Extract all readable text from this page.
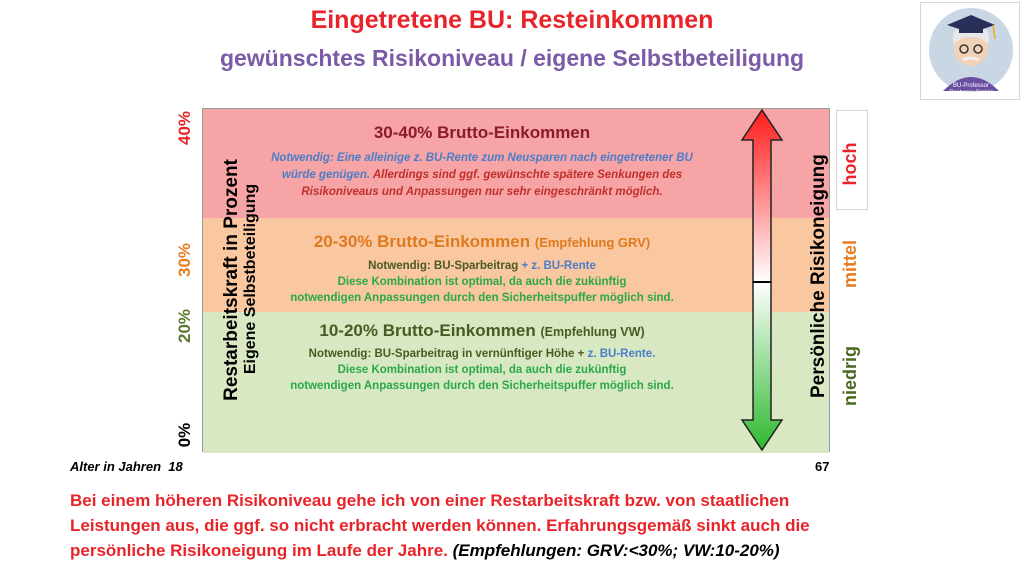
Eingetretene BU: Resteinkommen
gewünschtes Risikoniveau / eigene Selbstbeteiligung
BU-Professor
Pochorer GmbH
40%
30%
20%
0%
Restarbeitskraft in Prozent Eigene Selbstbeteiligung	Persönliche Risikoneigung hoch
mittel
niedrig
30-40% Brutto-Einkommen
Notwendig: Eine alleinige z. BU-Rente zum Neusparen nach eingetretener BU
würde genügen. Allerdings sind ggf. gewünschte spätere Senkungen des
Risikoniveaus und Anpassungen nur sehr eingeschränkt möglich.
20-30% Brutto-Einkommen (Empfehlung GRV)
Notwendig: BU-Sparbeitrag + z. BU-Rente
Diese Kombination ist optimal, da auch die zukünftig
notwendigen Anpassungen durch den Sicherheitspuffer möglich sind.
10-20% Brutto-Einkommen (Empfehlung VW)
Notwendig: BU-Sparbeitrag in vernünftiger Höhe + z. BU-Rente.
Diese Kombination ist optimal, da auch die zukünftig
notwendigen Anpassungen durch den Sicherheitspuffer möglich sind.
Alter in Jahren 18	67
Bei einem höheren Risikoniveau gehe ich von einer Restarbeitskraft bzw. von staatlichen
Leistungen aus, die ggf. so nicht erbracht werden können. Erfahrungsgemäß sinkt auch die
persönliche Risikoneigung im Laufe der Jahre. (Empfehlungen: GRV:<30%; VW:10-20%)
